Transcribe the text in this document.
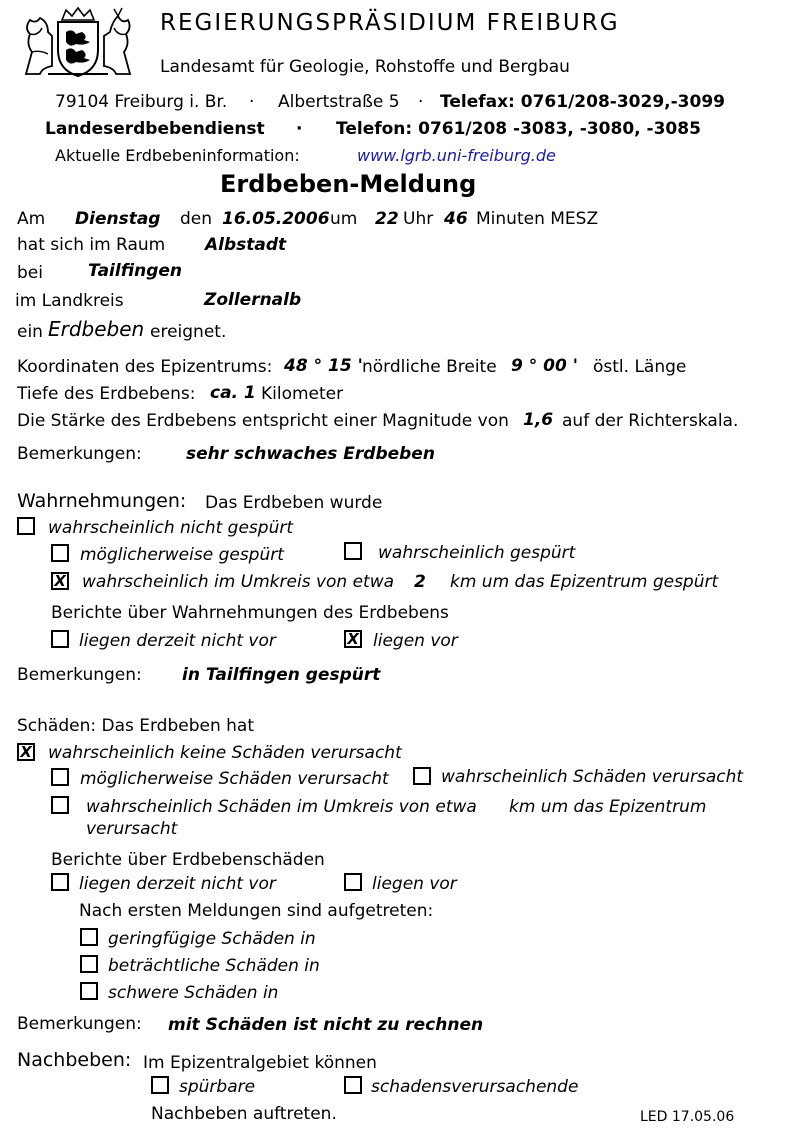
REGIERUNGSPRÄSIDIUM FREIBURG
Landesamt für Geologie, Rohstoffe und Bergbau
79104 Freiburg i. Br. · Albertstraße 5 · Telefax: 0761/208-3029,-3099
Landeserdbebendienst · Telefon: 0761/208 -3083, -3080, -3085
Aktuelle Erdbebeninformation:	www.lgrb.uni-freiburg.de
Erdbeben-Meldung
Am Dienstag den 16.05.2006 um 22 Uhr 46 Minuten MESZ
hat sich im Raum Albstadt
bei	Tailfingen
im Landkreis	Zollernalb
ein Erdbeben ereignet.
Koordinaten des Epizentrums: 48 ° 15 ' nördliche Breite 9 ° 00 ' östl. Länge
Tiefe des Erdbebens: ca. 1 Kilometer
Die Stärke des Erdbebens entspricht einer Magnitude von 1,6 auf der Richterskala.
Bemerkungen:	sehr schwaches Erdbeben
Wahrnehmungen: Das Erdbeben wurde
wahrscheinlich nicht gespürt
möglicherweise gespürt	wahrscheinlich gespürt
X wahrscheinlich im Umkreis von etwa 2 km um das Epizentrum gespürt
Berichte über Wahrnehmungen des Erdbebens
liegen derzeit nicht vor	X liegen vor
Bemerkungen: in Tailfingen gespürt
Schäden: Das Erdbeben hat
X wahrscheinlich keine Schäden verursacht
möglicherweise Schäden verursacht	wahrscheinlich Schäden verursacht
wahrscheinlich Schäden im Umkreis von etwa km um das Epizentrum
verursacht
Berichte über Erdbebenschäden
liegen derzeit nicht vor	liegen vor
Nach ersten Meldungen sind aufgetreten:
geringfügige Schäden in
beträchtliche Schäden in
schwere Schäden in
Bemerkungen: mit Schäden ist nicht zu rechnen
Nachbeben: Im Epizentralgebiet können
spürbare	schadensverursachende
Nachbeben auftreten.	LED 17.05.06
